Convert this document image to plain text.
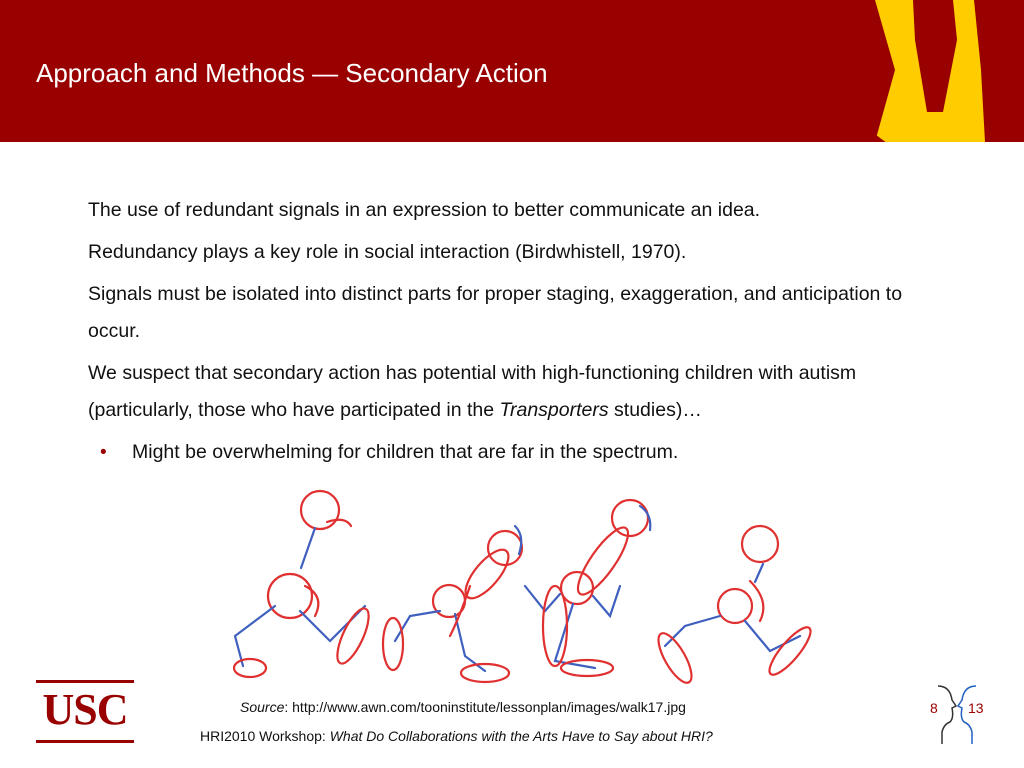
Approach and Methods — Secondary Action

The use of redundant signals in an expression to better communicate an idea.

Redundancy plays a key role in social interaction (Birdwhistell, 1970).

Signals must be isolated into distinct parts for proper staging, exaggeration, and anticipation to occur.

We suspect that secondary action has potential with high-functioning children with autism (particularly, those who have participated in the Transporters studies)…

• Might be overwhelming for children that are far in the spectrum.
USC	Source: http://www.awn.com/tooninstitute/lessonplan/images/walk17.jpg
HRI2010 Workshop: What Do Collaborations with the Arts Have to Say about HRI?
8 13
